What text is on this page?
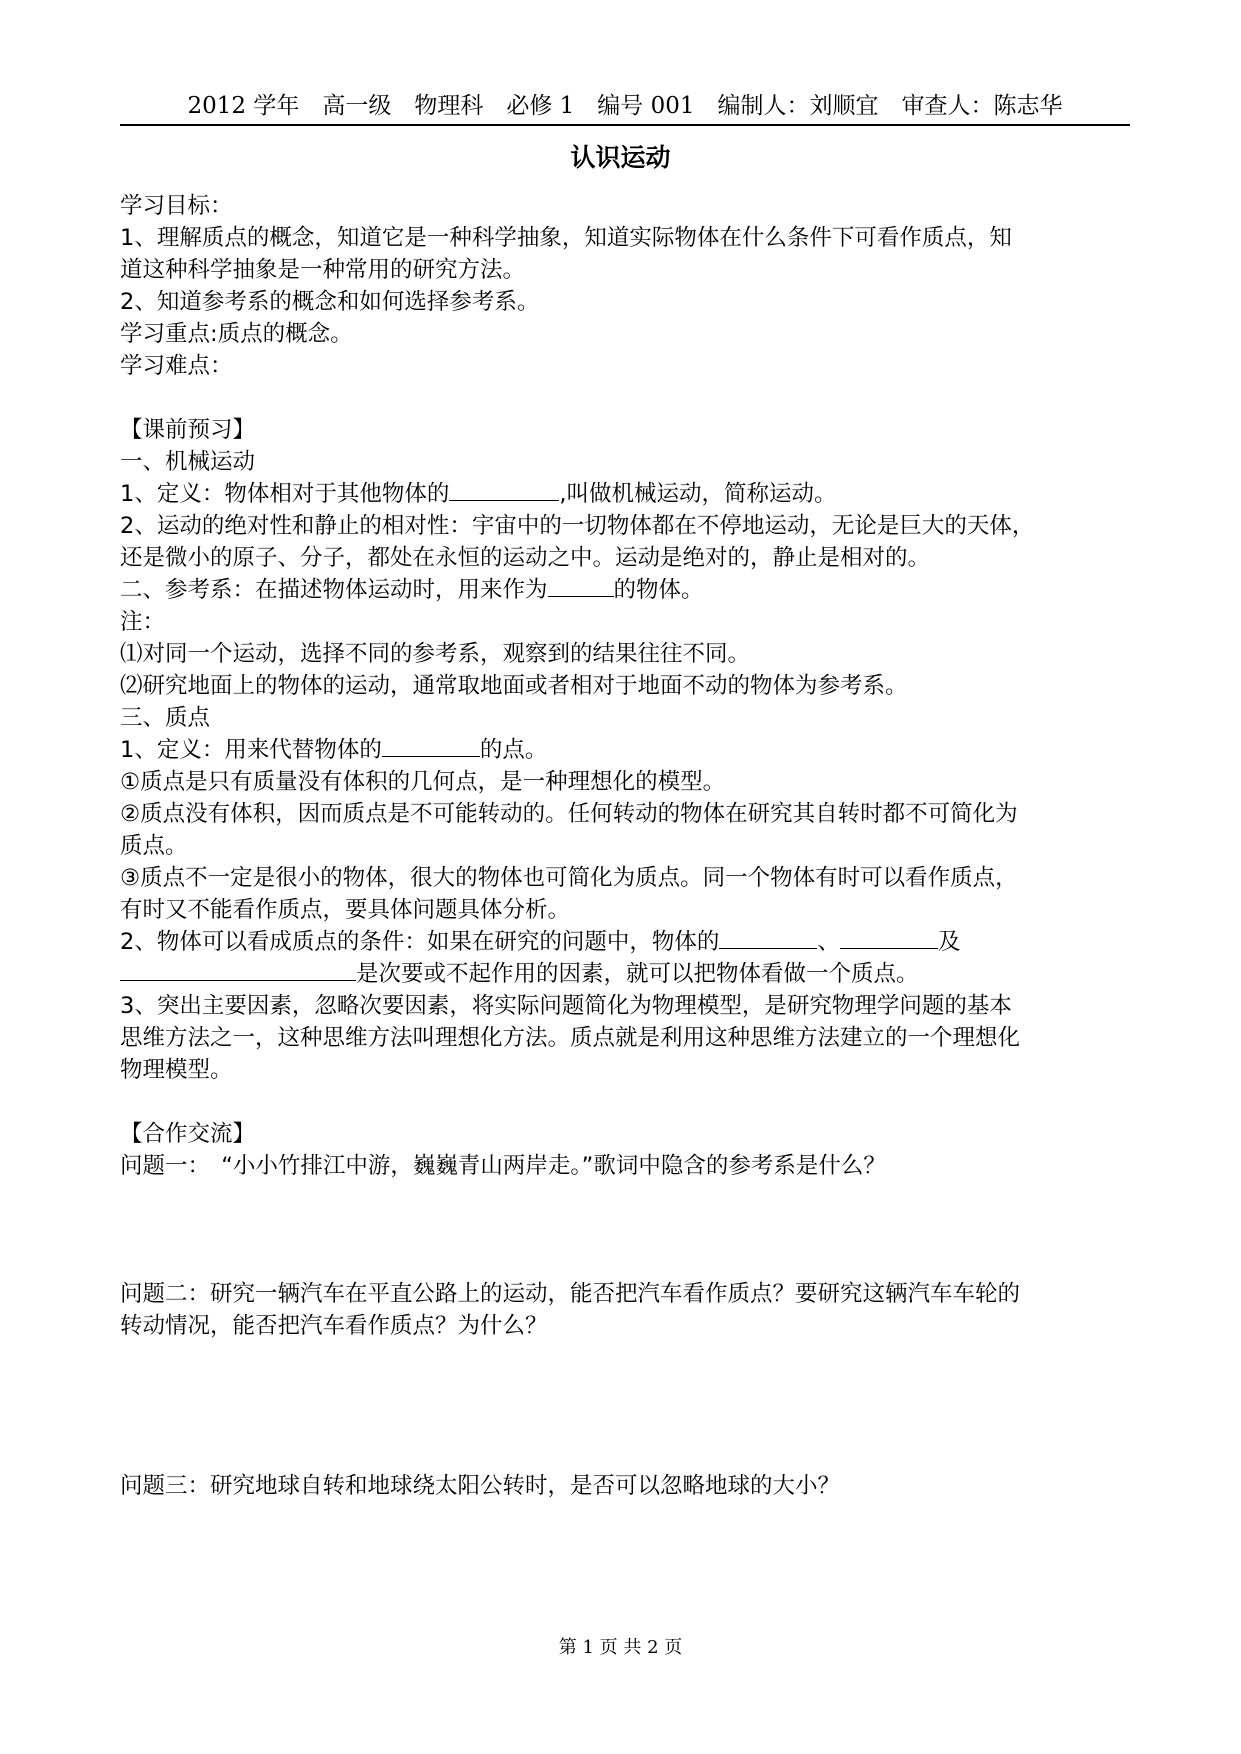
2012 学年　高一级　物理科　必修 1　编号 001　编制人：刘顺宜　审查人：陈志华
认识运动
学习目标：
1、理解质点的概念，知道它是一种科学抽象，知道实际物体在什么条件下可看作质点，知
道这种科学抽象是一种常用的研究方法。
2、知道参考系的概念和如何选择参考系。
学习重点:质点的概念。
学习难点：
【课前预习】
一、机械运动
1、定义：物体相对于其他物体的	,叫做机械运动，简称运动。
2、运动的绝对性和静止的相对性：宇宙中的一切物体都在不停地运动，无论是巨大的天体，
还是微小的原子、分子，都处在永恒的运动之中。运动是绝对的，静止是相对的。
二、参考系：在描述物体运动时，用来作为	的物体。
注：
⑴对同一个运动，选择不同的参考系，观察到的结果往往不同。
⑵研究地面上的物体的运动，通常取地面或者相对于地面不动的物体为参考系。
三、质点
1、定义：用来代替物体的	的点。
①质点是只有质量没有体积的几何点，是一种理想化的模型。
②质点没有体积，因而质点是不可能转动的。任何转动的物体在研究其自转时都不可简化为
质点。
③质点不一定是很小的物体，很大的物体也可简化为质点。同一个物体有时可以看作质点，
有时又不能看作质点，要具体问题具体分析。
2、物体可以看成质点的条件：如果在研究的问题中，物体的	、	及
是次要或不起作用的因素，就可以把物体看做一个质点。
3、突出主要因素，忽略次要因素，将实际问题简化为物理模型，是研究物理学问题的基本
思维方法之一，这种思维方法叫理想化方法。质点就是利用这种思维方法建立的一个理想化
物理模型。
【合作交流】
问题一：　“小小竹排江中游，巍巍青山两岸走。”歌词中隐含的参考系是什么？
问题二：研究一辆汽车在平直公路上的运动，能否把汽车看作质点？要研究这辆汽车车轮的
转动情况，能否把汽车看作质点？为什么？
问题三：研究地球自转和地球绕太阳公转时，是否可以忽略地球的大小？
第 1 页 共 2 页
